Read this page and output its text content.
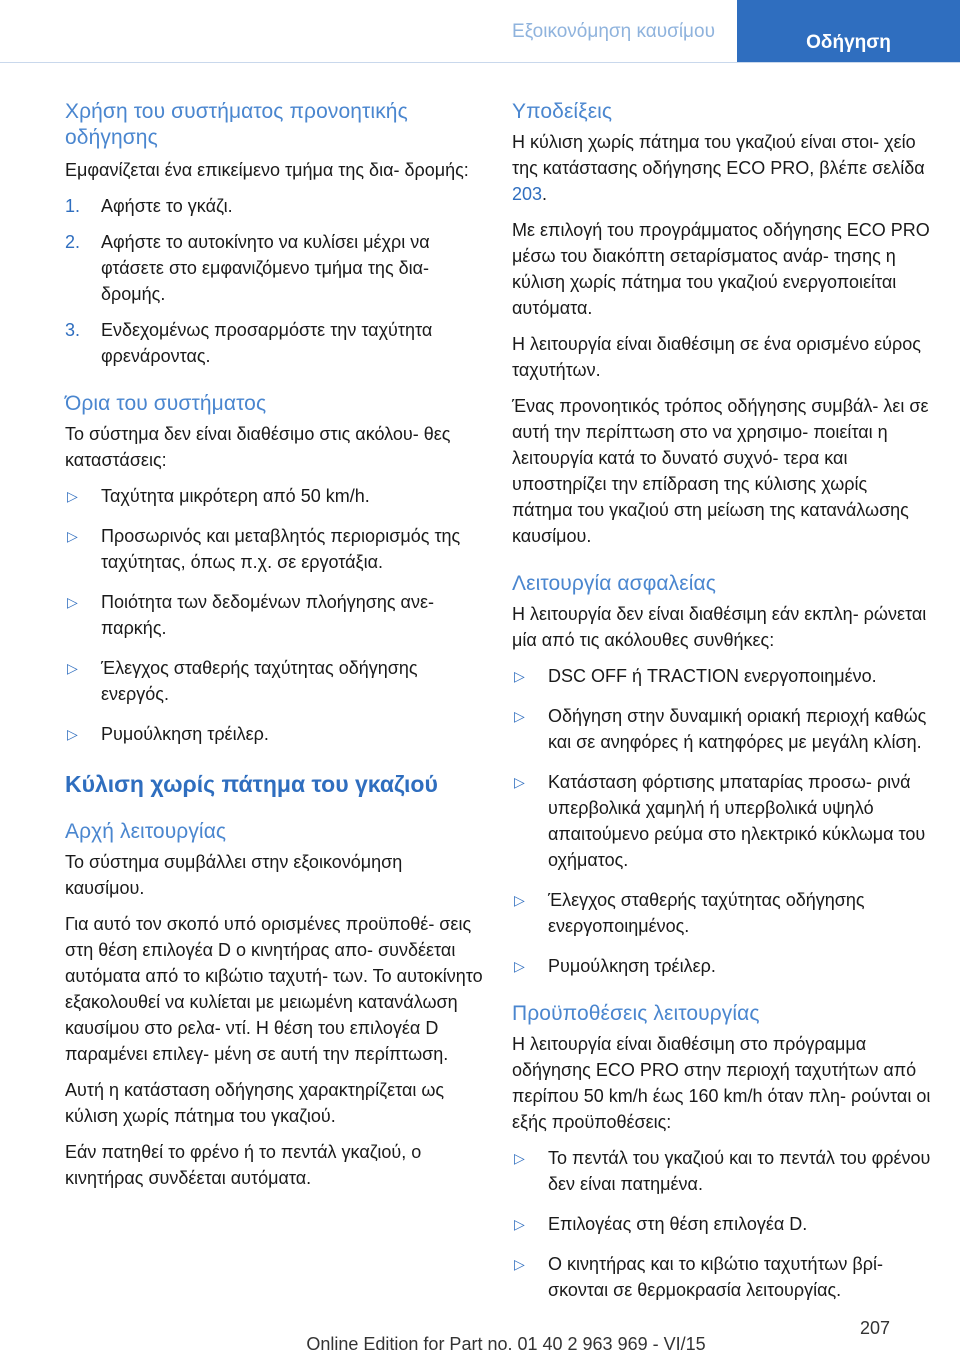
Εξοικονόμηση καυσίμου
Οδήγηση
Χρήση του συστήματος προνοητικής οδήγησης

Εμφανίζεται ένα επικείμενο τμήμα της δια- δρομής:

1. Αφήστε το γκάζι.
2. Αφήστε το αυτοκίνητο να κυλίσει μέχρι να φτάσετε στο εμφανιζόμενο τμήμα της δια- δρομής.
3. Ενδεχομένως προσαρμόστε την ταχύτητα φρενάροντας.
Όρια του συστήματος

Το σύστημα δεν είναι διαθέσιμο στις ακόλου- θες καταστάσεις:

▷ Ταχύτητα μικρότερη από 50 km/h.
▷ Προσωρινός και μεταβλητός περιορισμός της ταχύτητας, όπως π.χ. σε εργοτάξια.
▷ Ποιότητα των δεδομένων πλοήγησης ανε- παρκής.
▷ Έλεγχος σταθερής ταχύτητας οδήγησης ενεργός.
▷ Ρυμούλκηση τρέιλερ.
Κύλιση χωρίς πάτημα του γκαζιού
Αρχή λειτουργίας

Το σύστημα συμβάλλει στην εξοικονόμηση καυσίμου.

Για αυτό τον σκοπό υπό ορισμένες προϋποθέ- σεις στη θέση επιλογέα D ο κινητήρας απο- συνδέεται αυτόματα από το κιβώτιο ταχυτή- των. Το αυτοκίνητο εξακολουθεί να κυλίεται με μειωμένη κατανάλωση καυσίμου στο ρελα- ντί. Η θέση του επιλογέα D παραμένει επιλεγ- μένη σε αυτή την περίπτωση.

Αυτή η κατάσταση οδήγησης χαρακτηρίζεται ως κύλιση χωρίς πάτημα του γκαζιού.

Εάν πατηθεί το φρένο ή το πεντάλ γκαζιού, ο κινητήρας συνδέεται αυτόματα.

Υποδείξεις

Η κύλιση χωρίς πάτημα του γκαζιού είναι στοι- χείο της κατάστασης οδήγησης ECO PRO, βλέπε σελίδα 203.

Με επιλογή του προγράμματος οδήγησης ECO PRO μέσω του διακόπτη σεταρίσματος ανάρ- τησης η κύλιση χωρίς πάτημα του γκαζιού ενεργοποιείται αυτόματα.

Η λειτουργία είναι διαθέσιμη σε ένα ορισμένο εύρος ταχυτήτων.

Ένας προνοητικός τρόπος οδήγησης συμβάλ- λει σε αυτή την περίπτωση στο να χρησιμο- ποιείται η λειτουργία κατά το δυνατό συχνό- τερα και υποστηρίζει την επίδραση της κύλισης χωρίς πάτημα του γκαζιού στη μείωση της κατανάλωσης καυσίμου.

Λειτουργία ασφαλείας

Η λειτουργία δεν είναι διαθέσιμη εάν εκπλη- ρώνεται μία από τις ακόλουθες συνθήκες:

▷ DSC OFF ή TRACTION ενεργοποιημένο.
▷ Οδήγηση στην δυναμική οριακή περιοχή καθώς και σε ανηφόρες ή κατηφόρες με μεγάλη κλίση.
▷ Κατάσταση φόρτισης μπαταρίας προσω- ρινά υπερβολικά χαμηλή ή υπερβολικά υψηλό απαιτούμενο ρεύμα στο ηλεκτρικό κύκλωμα του οχήματος.
▷ Έλεγχος σταθερής ταχύτητας οδήγησης ενεργοποιημένος.
▷ Ρυμούλκηση τρέιλερ.
Προϋποθέσεις λειτουργίας

Η λειτουργία είναι διαθέσιμη στο πρόγραμμα οδήγησης ECO PRO στην περιοχή ταχυτήτων από περίπου 50 km/h έως 160 km/h όταν πλη- ρούνται οι εξής προϋποθέσεις:

▷ Το πεντάλ του γκαζιού και το πεντάλ του φρένου δεν είναι πατημένα.
▷ Επιλογέας στη θέση επιλογέα D.
▷ Ο κινητήρας και το κιβώτιο ταχυτήτων βρί- σκονται σε θερμοκρασία λειτουργίας.
207
Online Edition for Part no. 01 40 2 963 969 - VI/15
